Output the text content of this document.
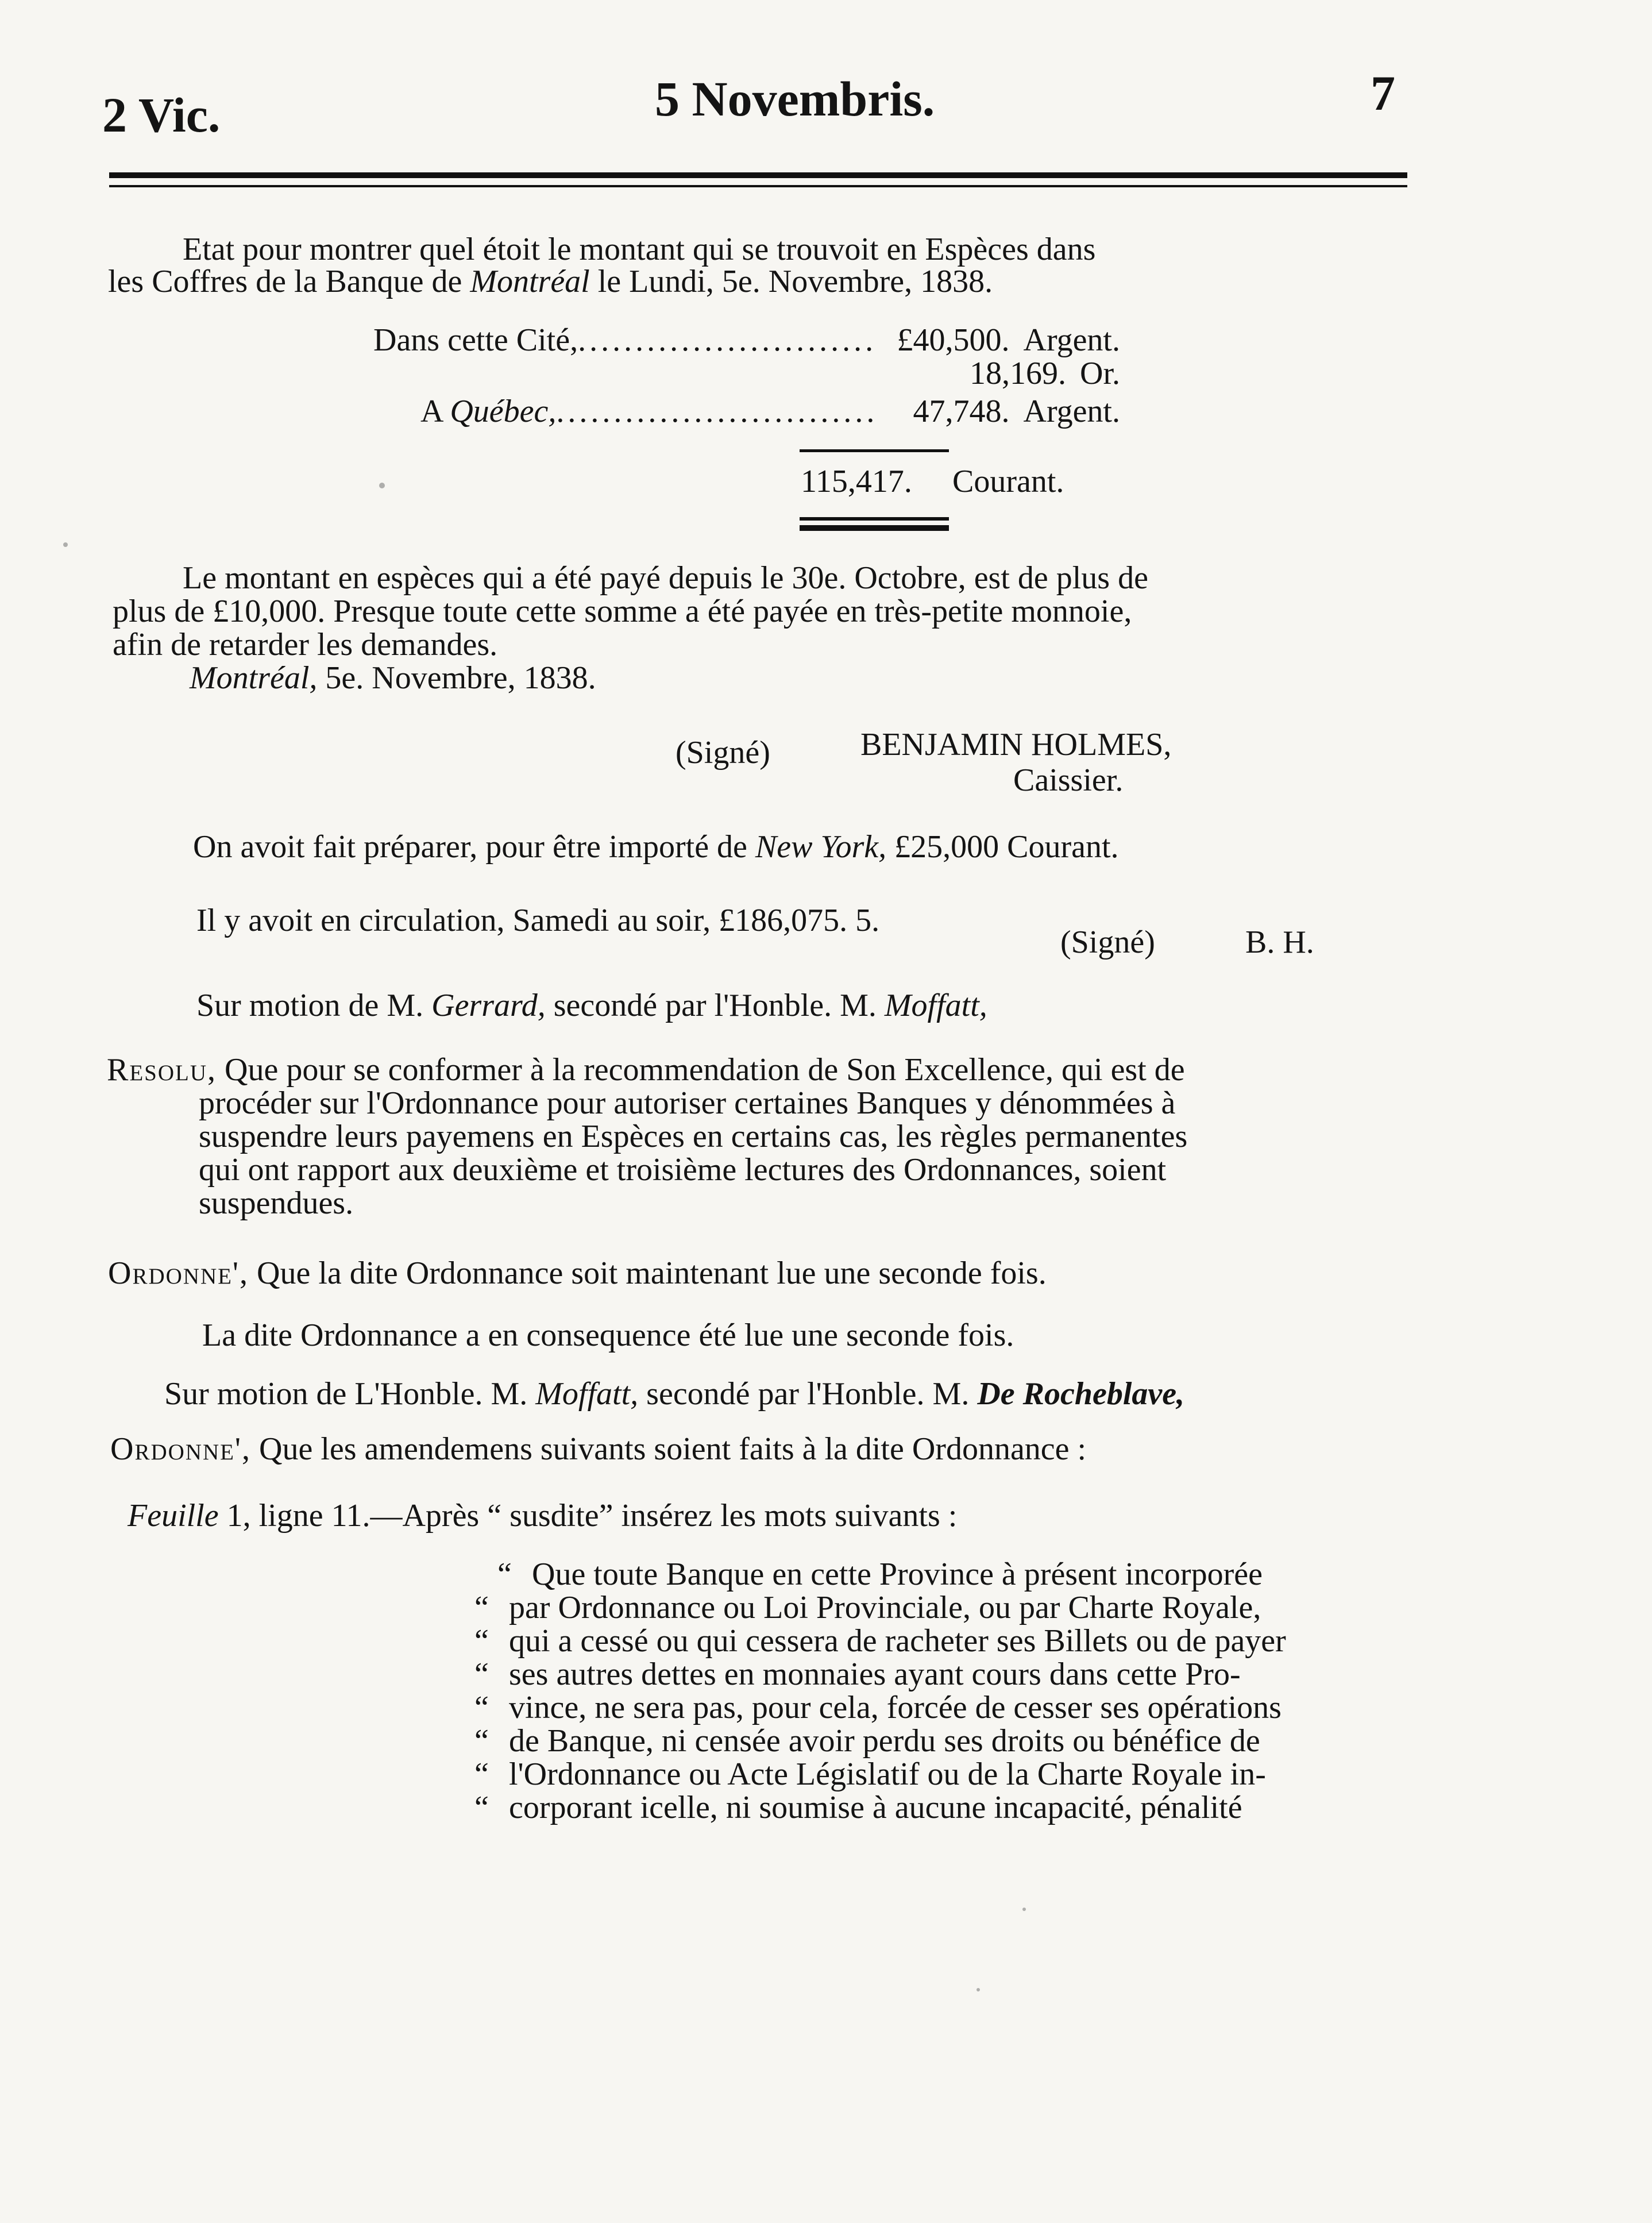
2 Vic.	5 Novembris.	7
Etat pour montrer quel étoit le montant qui se trouvoit en Espèces dans
les Coffres de la Banque de Montréal le Lundi, 5e. Novembre, 1838.
Dans cette Cité, .....	£40,500. Argent.
18,169. Or.
A Québec, .....	47,748. Argent.
115,417. Courant.
Le montant en espèces qui a été payé depuis le 30e. Octobre, est de plus de
plus de £10,000. Presque toute cette somme a été payée en très-petite monnoie,
afin de retarder les demandes.
Montréal, 5e. Novembre, 1838.
(Signé)	BENJAMIN HOLMES,
Caissier.
On avoit fait préparer, pour être importé de New York, £25,000 Courant.
Il y avoit en circulation, Samedi au soir, £186,075. 5.
(Signé)	B. H.
Sur motion de M. Gerrard, secondé par l'Honble. M. Moffatt,
Resolu, Que pour se conformer à la recommendation de Son Excellence, qui est de
procéder sur l'Ordonnance pour autoriser certaines Banques y dénommées à
suspendre leurs payemens en Espèces en certains cas, les règles permanentes
qui ont rapport aux deuxième et troisième lectures des Ordonnances, soient
suspendues.
Ordonne', Que la dite Ordonnance soit maintenant lue une seconde fois.
La dite Ordonnance a en consequence été lue une seconde fois.
Sur motion de L'Honble. M. Moffatt, secondé par l'Honble. M. De Rocheblave,
Ordonne', Que les amendemens suivants soient faits à la dite Ordonnance :
Feuille 1, ligne 11.—Après “ susdite” insérez les mots suivants :
“ Que toute Banque en cette Province à présent incorporée
“ par Ordonnance ou Loi Provinciale, ou par Charte Royale,
“ qui a cessé ou qui cessera de racheter ses Billets ou de payer
“ ses autres dettes en monnaies ayant cours dans cette Pro-
“ vince, ne sera pas, pour cela, forcée de cesser ses opérations
“ de Banque, ni censée avoir perdu ses droits ou bénéfice de
“ l'Ordonnance ou Acte Législatif ou de la Charte Royale in-
“ corporant icelle, ni soumise à aucune incapacité, pénalité
